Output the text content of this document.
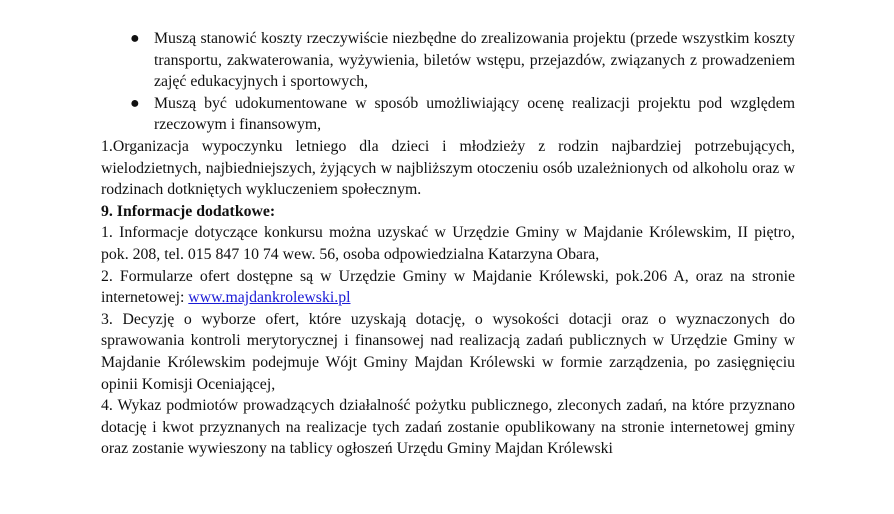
● Muszą stanowić koszty rzeczywiście niezbędne do zrealizowania projektu (przede wszystkim koszty transportu, zakwaterowania, wyżywienia, biletów wstępu, przejazdów, związanych z prowadzeniem zajęć edukacyjnych i sportowych,
● Muszą być udokumentowane w sposób umożliwiający ocenę realizacji projektu pod względem rzeczowym i finansowym,

1.Organizacja wypoczynku letniego dla dzieci i młodzieży z rodzin najbardziej potrzebujących, wielodzietnych, najbiedniejszych, żyjących w najbliższym otoczeniu osób uzależnionych od alkoholu oraz w rodzinach dotkniętych wykluczeniem społecznym.

9. Informacje dodatkowe:

1. Informacje dotyczące konkursu można uzyskać w Urzędzie Gminy w Majdanie Królewskim, II piętro, pok. 208, tel. 015 847 10 74 wew. 56, osoba odpowiedzialna Katarzyna Obara,

2. Formularze ofert dostępne są w Urzędzie Gminy w Majdanie Królewski, pok.206 A, oraz na stronie internetowej: www.majdankrolewski.pl

3. Decyzję o wyborze ofert, które uzyskają dotację, o wysokości dotacji oraz o wyznaczonych do sprawowania kontroli merytorycznej i finansowej nad realizacją zadań publicznych w Urzędzie Gminy w Majdanie Królewskim podejmuje Wójt Gminy Majdan Królewski w formie zarządzenia, po zasięgnięciu opinii Komisji Oceniającej,

4. Wykaz podmiotów prowadzących działalność pożytku publicznego, zleconych zadań, na które przyznano dotację i kwot przyznanych na realizacje tych zadań zostanie opublikowany na stronie internetowej gminy oraz zostanie wywieszony na tablicy ogłoszeń Urzędu Gminy Majdan Królewski
